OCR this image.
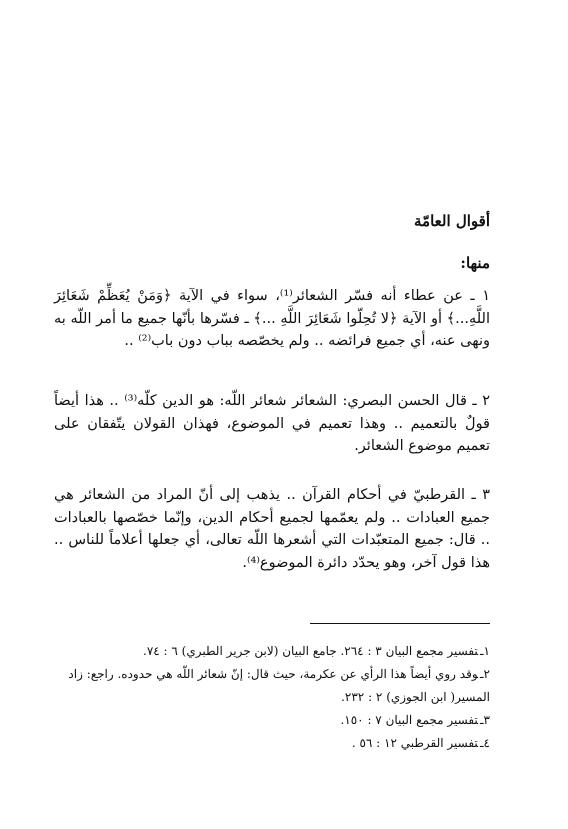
أقوال العامّة
منها:

١ ـ عن عطاء أنه فسّر الشعائر⁽¹⁾، سواء في الآية ﴿وَمَنْ يُعَظِّمْ شَعَائِرَ اللَّهِ...﴾ أو الآية ﴿لا تُحِلّوا شَعَائِرَ اللَّهِ ...﴾ ـ فسّرها بأنّها جميع ما أمر اللّه به ونهى عنه، أي جميع فرائضه .. ولم يخصّصه بباب دون باب⁽²⁾ ..

٢ ـ قال الحسن البصري: الشعائر شعائر اللّه: هو الدين كلّه⁽³⁾ .. هذا أيضاً قولٌ بالتعميم .. وهذا تعميم في الموضوع، فهذان القولان يتّفقان على تعميم موضوع الشعائر.

٣ ـ القرطبيّ في أحكام القرآن .. يذهب إلى أنّ المراد من الشعائر هي جميع العبادات .. ولم يعمّمها لجميع أحكام الدين، وإنّما خصّصها بالعبادات .. قال: جميع المتعبّدات التي أشعرها اللّه تعالى، أي جعلها أعلاماً للناس .. هذا قول آخر، وهو يحدّد دائرة الموضوع⁽⁴⁾.

١ـتفسير مجمع البيان ٣ : ٢٦٤. جامع البيان (لابن جرير الطبري) ٦ : ٧٤.

٢ـوقد روي أيضاً هذا الرأي عن عكرمة، حيث قال: إنّ شعائر اللّه هي حدوده. راجع: زاد المسير( ابن الجوزي) ٢ : ٢٣٢.

٣ـتفسير مجمع البيان ٧ : ١٥٠.

٤ـتفسير القرطبي ١٢ : ٥٦ .
